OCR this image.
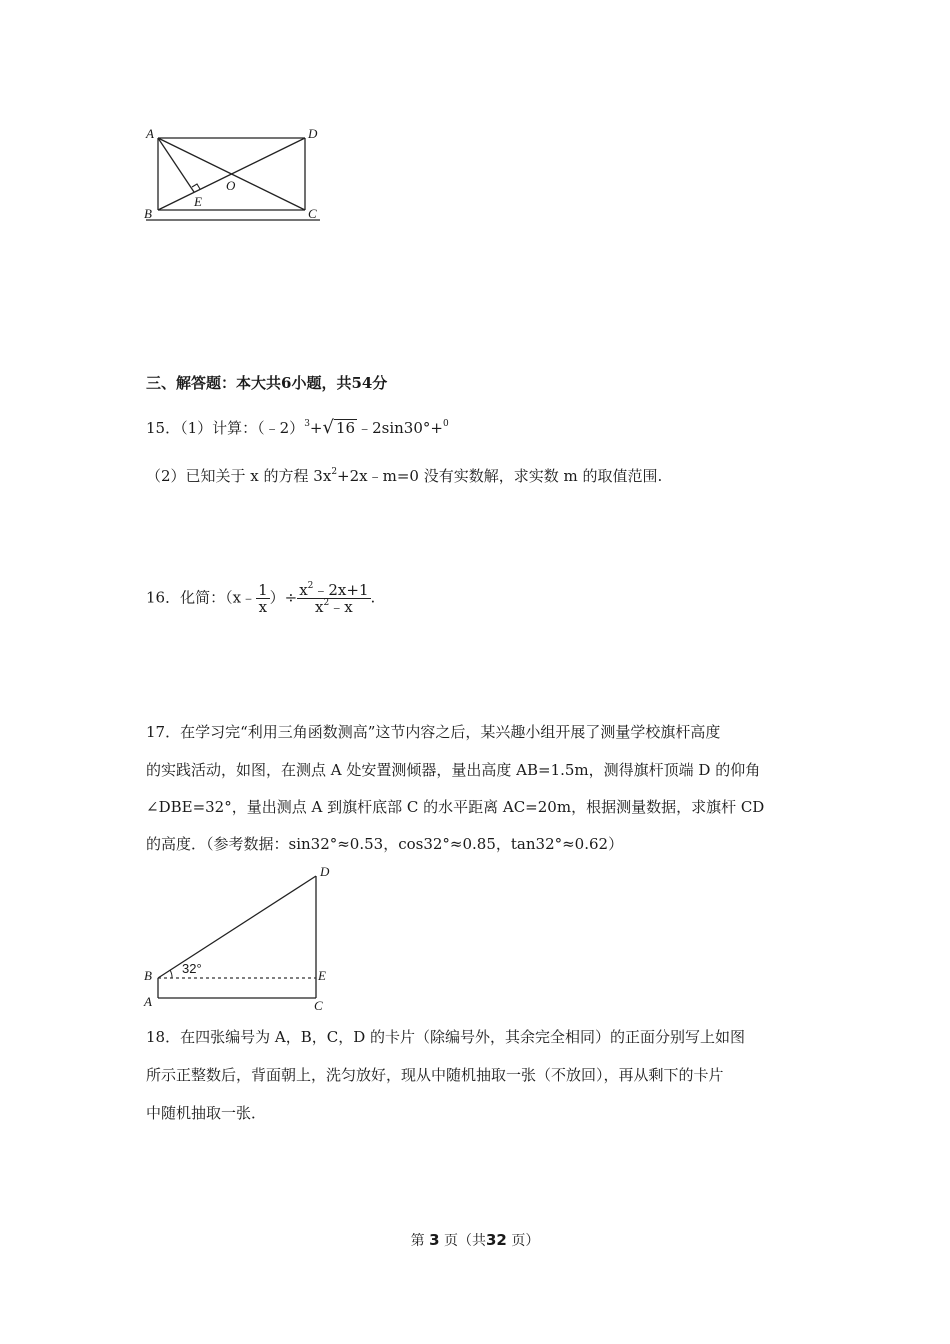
A	D
O
E
B	C
三、解答题：本大共6小题，共54分
15．（1）计算：（﹣2）$^3$+√ 16 ﹣2sin30°+$^0$
（2）已知关于 x 的方程 $3x^2+2x﹣m=0$ 没有实数解，求实数 m 的取值范围.
16．化简：（x﹣ $\frac{1}{x}$ ）÷ $\frac{x^2﹣2x+1}{x^2﹣x}$ .
17．在学习完“利用三角函数测高”这节内容之后，某兴趣小组开展了测量学校旗杆高度
的实践活动，如图，在测点 A 处安置测倾器，量出高度 AB=1.5m，测得旗杆顶端 D 的仰角
∠DBE=32°，量出测点 A 到旗杆底部 C 的水平距离 AC=20m，根据测量数据，求旗杆 CD
的高度．（参考数据：sin32°≈0.53，cos32°≈0.85，tan32°≈0.62）
D
B 32°	E
A	C
18．在四张编号为 A，B，C，D 的卡片（除编号外，其余完全相同）的正面分别写上如图
所示正整数后，背面朝上，洗匀放好，现从中随机抽取一张（不放回），再从剩下的卡片
中随机抽取一张．
第 3 页（共32 页）
